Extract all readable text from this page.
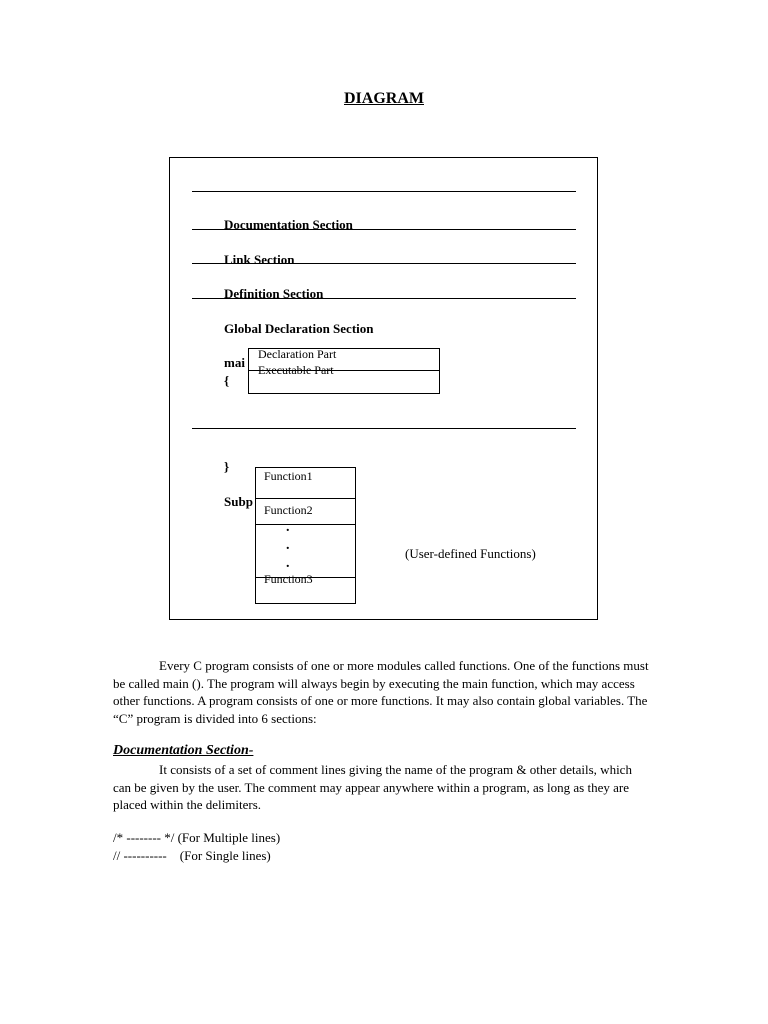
DIAGRAM
Documentation Section
Link Section
Definition Section
Global Declaration Section
mai
{
Declaration Part
Executable Part
}
Subp
Function1
Function2
.
.
.
Function3
(User-defined Functions)
Every C program consists of one or more modules called functions. One of the functions must be called main (). The program will always begin by executing the main function, which may access other functions. A program consists of one or more functions. It may also contain global variables. The “C” program is divided into 6 sections:
Documentation Section-
It consists of a set of comment lines giving the name of the program & other details, which can be given by the user. The comment may appear anywhere within a program, as long as they are placed within the delimiters.
/* -------- */ (For Multiple lines)
// ----------    (For Single lines)
